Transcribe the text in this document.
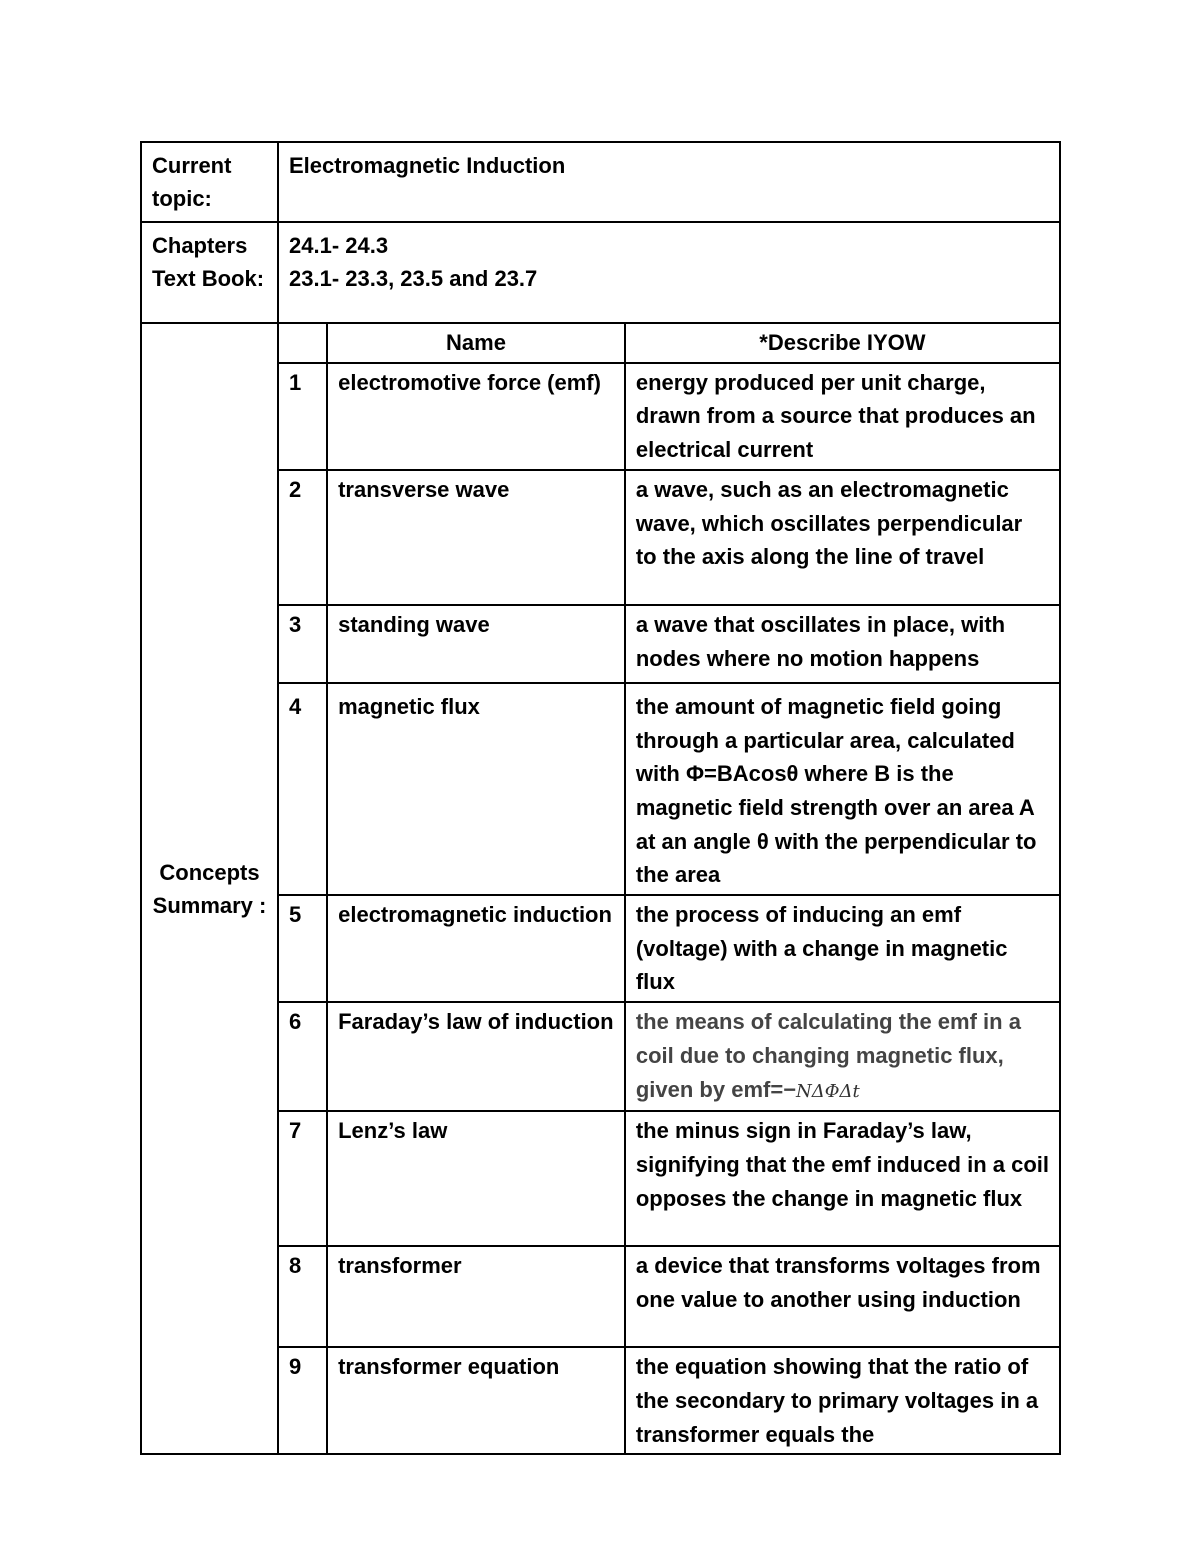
Current topic:

Electromagnetic Induction

Chapters Text Book:

24.1- 24.3
23.1- 23.3, 23.5 and 23.7

Concepts Summary :

	Name	*Describe IYOW
1	electromotive force (emf)	energy produced per unit charge, drawn from a source that produces an electrical current
2	transverse wave	a wave, such as an electromagnetic wave, which oscillates perpendicular to the axis along the line of travel
3	standing wave	a wave that oscillates in place, with nodes where no motion happens
4	magnetic flux	the amount of magnetic field going through a particular area, calculated with Φ=BAcosθ where B is the magnetic field strength over an area A at an angle θ with the perpendicular to the area
5	electromagnetic induction	the process of inducing an emf (voltage) with a change in magnetic flux
6	Faraday’s law of induction	the means of calculating the emf in a coil due to changing magnetic flux, given by emf=−NΔΦΔt
7	Lenz’s law	the minus sign in Faraday’s law, signifying that the emf induced in a coil opposes the change in magnetic flux
8	transformer	a device that transforms voltages from one value to another using induction
9	transformer equation	the equation showing that the ratio of the secondary to primary voltages in a transformer equals the
